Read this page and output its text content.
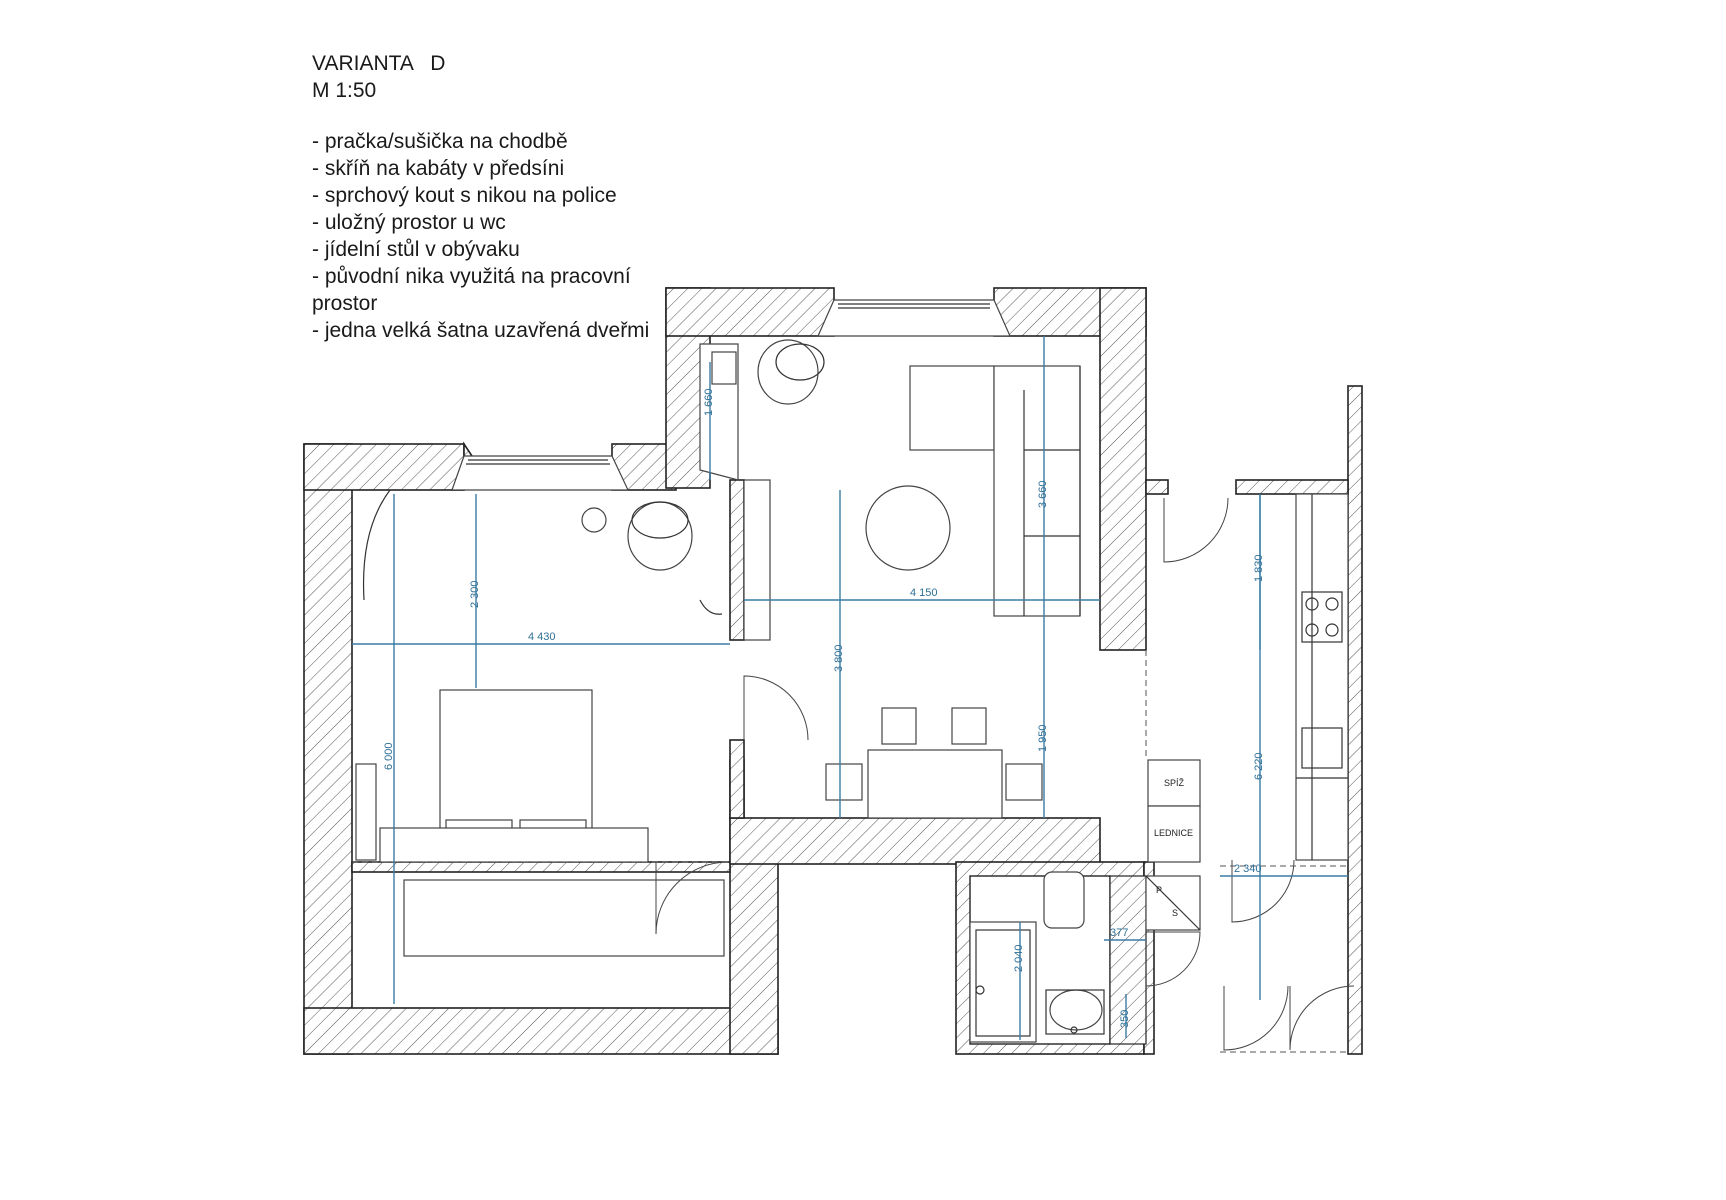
VARIANTA   D
M 1:50
- pračka/sušička na chodbě
- skříň na kabáty v předsíni
- sprchový kout s nikou na police
- uložný prostor u wc
- jídelní stůl v obývaku
- původní nika využitá na pracovní prostor
- jedna velká šatna uzavřená dveřmi
SPÍŽ
LEDNICE
P
S
4 430
2 300
6 000
4 150
3 800
3 660
1 950
1 660
1 830
6 220
2 340
2 040
377
350
